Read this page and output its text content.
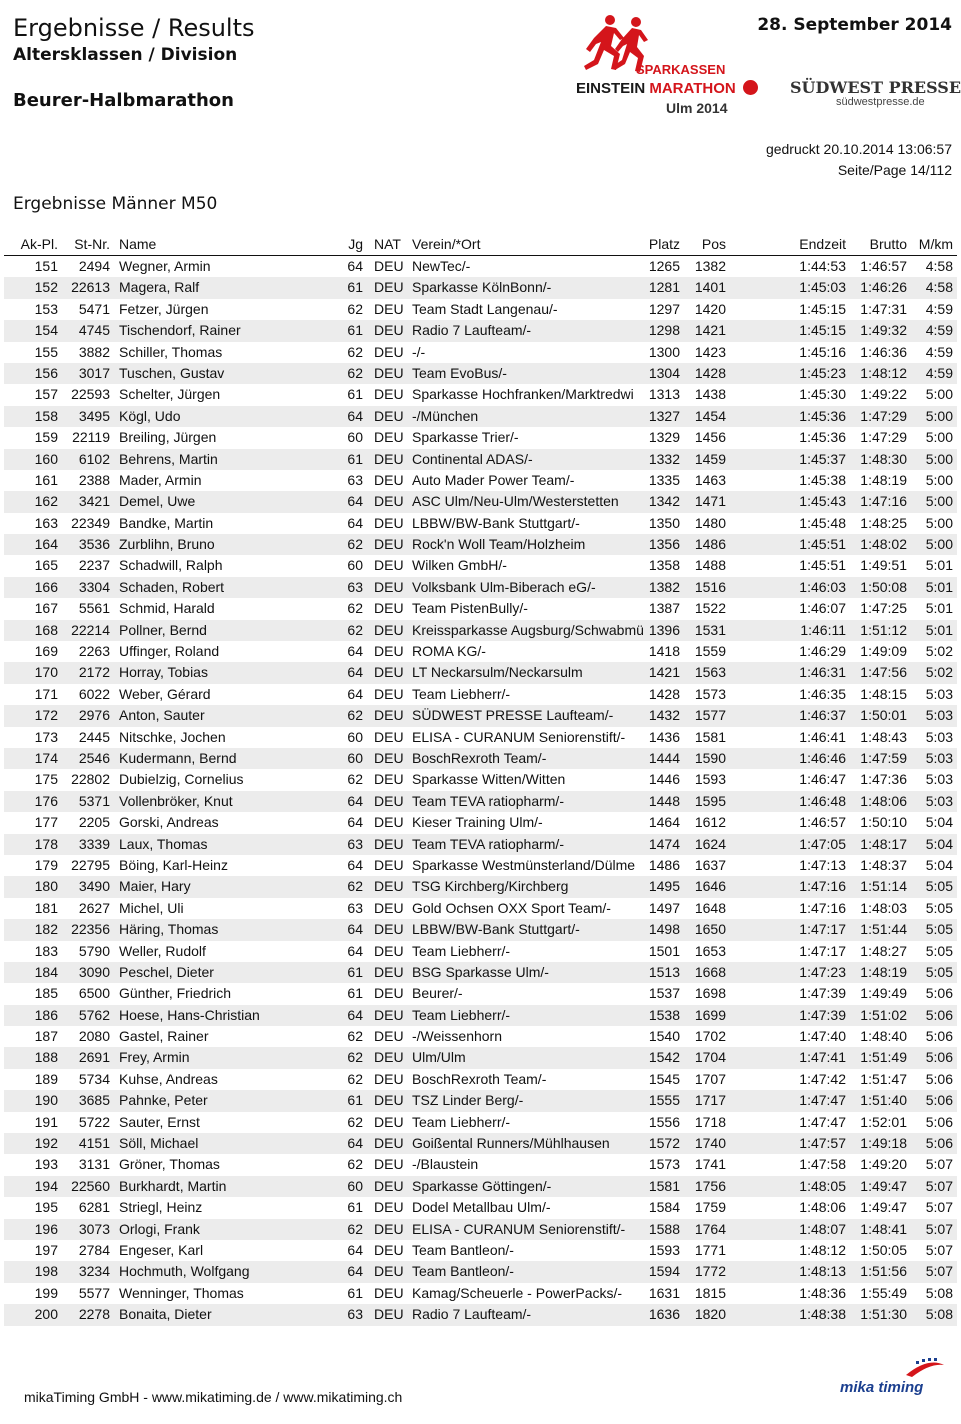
Ergebnisse / Results
Altersklassen / Division
Beurer-Halbmarathon
28. September 2014
gedruckt 20.10.2014 13:06:57
Seite/Page 14/112
Ergebnisse Männer M50
SPARKASSEN
EINSTEIN MARATHON
Ulm 2014
SÜDWEST PRESSE
südwestpresse.de
Ak-Pl.	St-Nr. Name	Jg NAT Verein/*Ort	Platz	Pos	Endzeit	Brutto M/km
151	2494 Wegner, Armin	64 DEU NewTec/-	1265	1382	1:44:53	1:46:57	4:58
152 22613 Magera, Ralf	61 DEU Sparkasse KölnBonn/-	1281	1401	1:45:03	1:46:26	4:58
153	5471 Fetzer, Jürgen	62 DEU Team Stadt Langenau/-	1297	1420	1:45:15	1:47:31	4:59
154	4745 Tischendorf, Rainer	61 DEU Radio 7 Laufteam/-	1298	1421	1:45:15	1:49:32	4:59
155	3882 Schiller, Thomas	62 DEU -/-	1300	1423	1:45:16	1:46:36	4:59
156	3017 Tuschen, Gustav	62 DEU Team EvoBus/-	1304	1428	1:45:23	1:48:12	4:59
157 22593 Schelter, Jürgen	61 DEU Sparkasse Hochfranken/Marktredwi	1313	1438	1:45:30	1:49:22	5:00
158	3495 Kögl, Udo	64 DEU -/München	1327	1454	1:45:36	1:47:29	5:00
159	22119 Breiling, Jürgen	60 DEU Sparkasse Trier/-	1329	1456	1:45:36	1:47:29	5:00
160	6102 Behrens, Martin	61 DEU Continental ADAS/-	1332	1459	1:45:37	1:48:30	5:00
161	2388 Mader, Armin	63 DEU Auto Mader Power Team/-	1335	1463	1:45:38	1:48:19	5:00
162	3421 Demel, Uwe	64 DEU ASC Ulm/Neu-Ulm/Westerstetten	1342	1471	1:45:43	1:47:16	5:00
163 22349 Bandke, Martin	64 DEU LBBW/BW-Bank Stuttgart/-	1350	1480	1:45:48	1:48:25	5:00
164	3536 Zurblihn, Bruno	62 DEU Rock'n Woll Team/Holzheim	1356	1486	1:45:51	1:48:02	5:00
165	2237 Schadwill, Ralph	60 DEU Wilken GmbH/-	1358	1488	1:45:51	1:49:51	5:01
166	3304 Schaden, Robert	63 DEU Volksbank Ulm-Biberach eG/-	1382	1516	1:46:03	1:50:08	5:01
167	5561 Schmid, Harald	62 DEU Team PistenBully/-	1387	1522	1:46:07	1:47:25	5:01
168 22214 Pollner, Bernd	62 DEU Kreissparkasse Augsburg/Schwabmü 1396	1531	1:46:11	1:51:12	5:01
169	2263 Uffinger, Roland	64 DEU ROMA KG/-	1418	1559	1:46:29	1:49:09	5:02
170	2172 Horray, Tobias	64 DEU LT Neckarsulm/Neckarsulm	1421	1563	1:46:31	1:47:56	5:02
171	6022 Weber, Gérard	64 DEU Team Liebherr/-	1428	1573	1:46:35	1:48:15	5:03
172	2976 Anton, Sauter	62 DEU SÜDWEST PRESSE Laufteam/-	1432	1577	1:46:37	1:50:01	5:03
173	2445 Nitschke, Jochen	60 DEU ELISA - CURANUM Seniorenstift/-	1436	1581	1:46:41	1:48:43	5:03
174	2546 Kudermann, Bernd	60 DEU BoschRexroth Team/-	1444	1590	1:46:46	1:47:59	5:03
175 22802 Dubielzig, Cornelius	62 DEU Sparkasse Witten/Witten	1446	1593	1:46:47	1:47:36	5:03
176	5371 Vollenbröker, Knut	64 DEU Team TEVA ratiopharm/-	1448	1595	1:46:48	1:48:06	5:03
177	2205 Gorski, Andreas	64 DEU Kieser Training Ulm/-	1464	1612	1:46:57	1:50:10	5:04
178	3339 Laux, Thomas	63 DEU Team TEVA ratiopharm/-	1474	1624	1:47:05	1:48:17	5:04
179 22795 Böing, Karl-Heinz	64 DEU Sparkasse Westmünsterland/Dülme 1486	1637	1:47:13	1:48:37	5:04
180	3490 Maier, Hary	62 DEU TSG Kirchberg/Kirchberg	1495	1646	1:47:16	1:51:14	5:05
181	2627 Michel, Uli	63 DEU Gold Ochsen OXX Sport Team/-	1497	1648	1:47:16	1:48:03	5:05
182 22356 Häring, Thomas	64 DEU LBBW/BW-Bank Stuttgart/-	1498	1650	1:47:17	1:51:44	5:05
183	5790 Weller, Rudolf	64 DEU Team Liebherr/-	1501	1653	1:47:17	1:48:27	5:05
184	3090 Peschel, Dieter	61 DEU BSG Sparkasse Ulm/-	1513	1668	1:47:23	1:48:19	5:05
185	6500 Günther, Friedrich	61 DEU Beurer/-	1537	1698	1:47:39	1:49:49	5:06
186	5762 Hoese, Hans-Christian	64 DEU Team Liebherr/-	1538	1699	1:47:39	1:51:02	5:06
187	2080 Gastel, Rainer	62 DEU -/Weissenhorn	1540	1702	1:47:40	1:48:40	5:06
188	2691 Frey, Armin	62 DEU Ulm/Ulm	1542	1704	1:47:41	1:51:49	5:06
189	5734 Kuhse, Andreas	62 DEU BoschRexroth Team/-	1545	1707	1:47:42	1:51:47	5:06
190	3685 Pahnke, Peter	61 DEU TSZ Linder Berg/-	1555	1717	1:47:47	1:51:40	5:06
191	5722 Sauter, Ernst	62 DEU Team Liebherr/-	1556	1718	1:47:47	1:52:01	5:06
192	4151 Söll, Michael	64 DEU Goißental Runners/Mühlhausen	1572	1740	1:47:57	1:49:18	5:06
193	3131 Gröner, Thomas	62 DEU -/Blaustein	1573	1741	1:47:58	1:49:20	5:07
194 22560 Burkhardt, Martin	60 DEU Sparkasse Göttingen/-	1581	1756	1:48:05	1:49:47	5:07
195	6281 Striegl, Heinz	61 DEU Dodel Metallbau Ulm/-	1584	1759	1:48:06	1:49:47	5:07
196	3073 Orlogi, Frank	62 DEU ELISA - CURANUM Seniorenstift/-	1588	1764	1:48:07	1:48:41	5:07
197	2784 Engeser, Karl	64 DEU Team Bantleon/-	1593	1771	1:48:12	1:50:05	5:07
198	3234 Hochmuth, Wolfgang	64 DEU Team Bantleon/-	1594	1772	1:48:13	1:51:56	5:07
199	5577 Wenninger, Thomas	61 DEU Kamag/Scheuerle - PowerPacks/-	1631	1815	1:48:36	1:55:49	5:08
200	2278 Bonaita, Dieter	63 DEU Radio 7 Laufteam/-	1636	1820	1:48:38	1:51:30	5:08
mikaTiming GmbH - www.mikatiming.de / www.mikatiming.ch
mika timing
